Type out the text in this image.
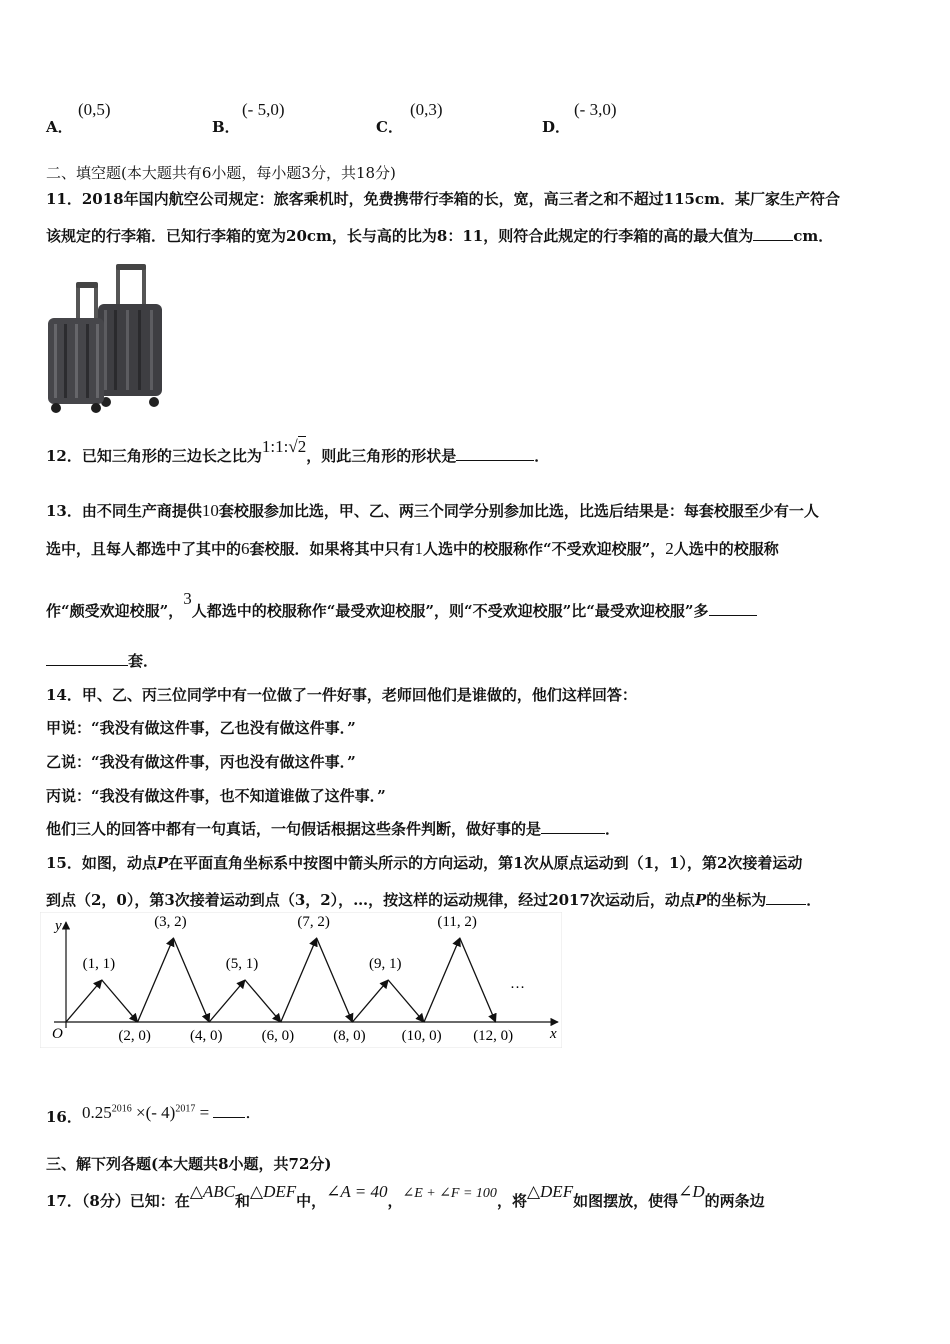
A．
(0,5)
B．
(- 5,0)
C．
(0,3)
D．
(- 3,0)
二、填空题(本大题共有6小题，每小题3分，共18分)
11．2018年国内航空公司规定：旅客乘机时，免费携带行李箱的长，宽，高三者之和不超过115cm．某厂家生产符合
该规定的行李箱．已知行李箱的宽为20cm，长与高的比为8：11，则符合此规定的行李箱的高的最大值为	cm．
12．已知三角形的三边长之比为1:1:√2，则此三角形的形状是	．
13．由不同生产商提供10套校服参加比选，甲、乙、两三个同学分别参加比选，比选后结果是：每套校服至少有一人
选中，且每人都选中了其中的6套校服．如果将其中只有1人选中的校服称作“不受欢迎校服”，2人选中的校服称
作“颇受欢迎校服”，3人都选中的校服称作“最受欢迎校服”，则“不受欢迎校服”比“最受欢迎校服”多
套．
14．甲、乙、丙三位同学中有一位做了一件好事，老师回他们是谁做的，他们这样回答：
甲说：“我没有做这件事，乙也没有做这件事．”
乙说：“我没有做这件事，丙也没有做这件事．”
丙说：“我没有做这件事，也不知道谁做了这件事．”
他们三人的回答中都有一句真话，一句假话根据这些条件判断，做好事的是	．
15．如图，动点P在平面直角坐标系中按图中箭头所示的方向运动，第1次从原点运动到（1，1），第2次接着运动
到点（2，0），第3次接着运动到点（3，2），…，按这样的运动规律，经过2017次运动后，动点P的坐标为	．
y
x
O
…
(1, 1)
(2, 0)
(3, 2)
(4, 0)
(5, 1)
(6, 0)
(7, 2)
(8, 0)
(9, 1)
(10, 0)
(11, 2)
(12, 0)
16． $0.25^{2016}$ ×(- 4)$^{2017}$ = ．
三、解下列各题(本大题共8小题，共72分)
17．（8分）已知：在△ABC和△DEF中，∠A = 40，∠E + ∠F = 100，将△DEF如图摆放，使得∠D的两条边
